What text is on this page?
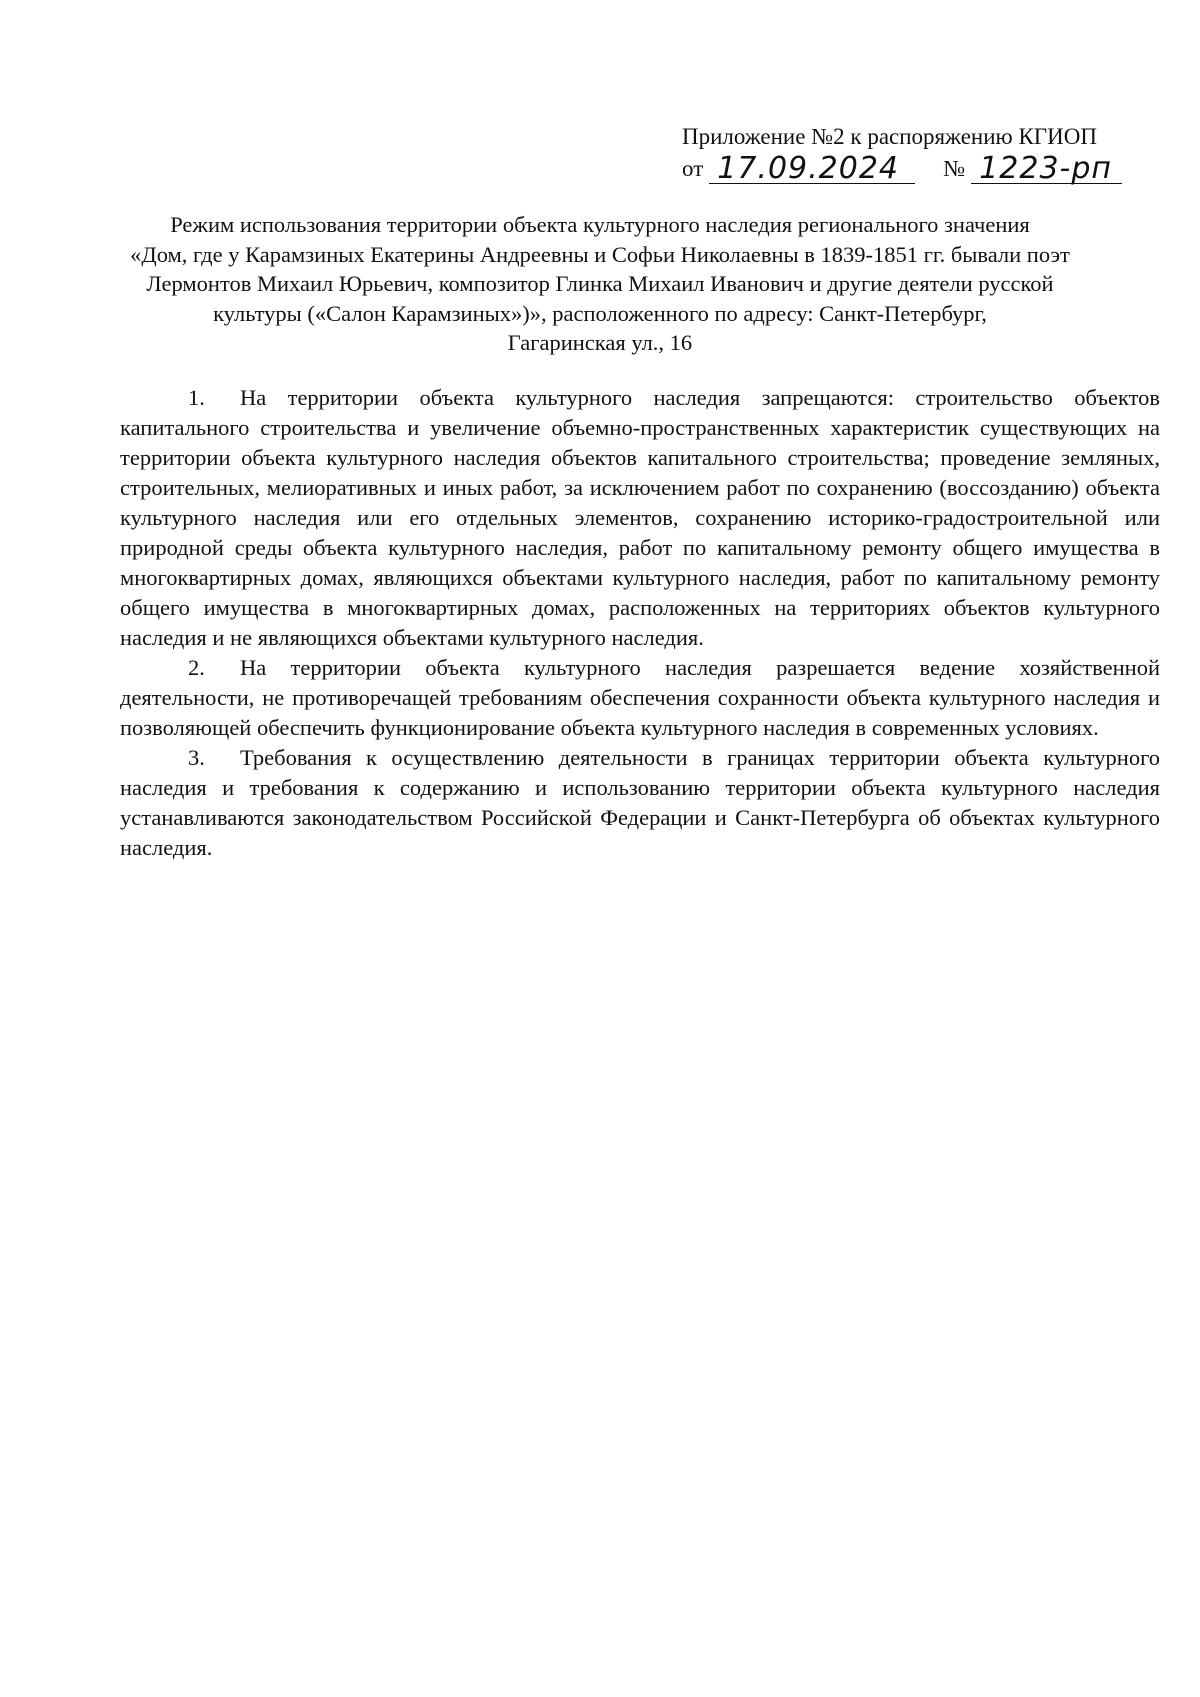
Приложение №2 к распоряжению КГИОП
от 17.09.2024	№ 1223-рп
Режим использования территории объекта культурного наследия регионального значения
«Дом, где у Карамзиных Екатерины Андреевны и Софьи Николаевны в 1839-1851 гг. бывали поэт
Лермонтов Михаил Юрьевич, композитор Глинка Михаил Иванович и другие деятели русской
культуры («Салон Карамзиных»)», расположенного по адресу: Санкт-Петербург,
Гагаринская ул., 16
1. На территории объекта культурного наследия запрещаются: строительство объектов капитального строительства и увеличение объемно-пространственных характеристик существующих на территории объекта культурного наследия объектов капитального строительства; проведение земляных, строительных, мелиоративных и иных работ, за исключением работ по сохранению (воссозданию) объекта культурного наследия или его отдельных элементов, сохранению историко-градостроительной или природной среды объекта культурного наследия, работ по капитальному ремонту общего имущества в многоквартирных домах, являющихся объектами культурного наследия, работ по капитальному ремонту общего имущества в многоквартирных домах, расположенных на территориях объектов культурного наследия и не являющихся объектами культурного наследия.
2. На территории объекта культурного наследия разрешается ведение хозяйственной деятельности, не противоречащей требованиям обеспечения сохранности объекта культурного наследия и позволяющей обеспечить функционирование объекта культурного наследия в современных условиях.
3. Требования к осуществлению деятельности в границах территории объекта культурного наследия и требования к содержанию и использованию территории объекта культурного наследия устанавливаются законодательством Российской Федерации и Санкт-Петербурга об объектах культурного наследия.
